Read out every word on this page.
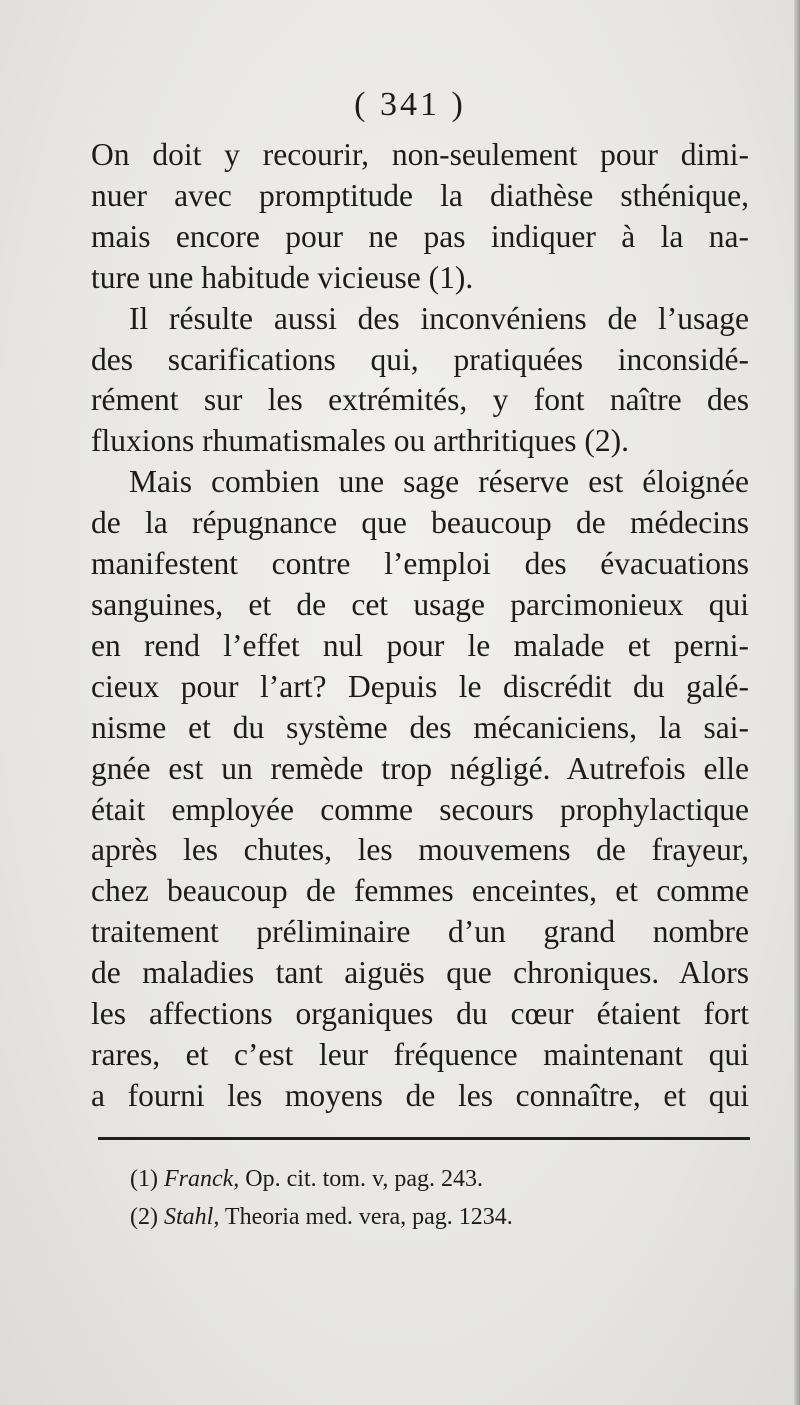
( 341 )
On doit y recourir, non-seulement pour dimi-
nuer avec promptitude la diathèse sthénique,
mais encore pour ne pas indiquer à la na-
ture une habitude vicieuse (1).
Il résulte aussi des inconvéniens de l’usage
des scarifications qui, pratiquées inconsidé-
rément sur les extrémités, y font naître des
fluxions rhumatismales ou arthritiques (2).
Mais combien une sage réserve est éloignée
de la répugnance que beaucoup de médecins
manifestent contre l’emploi des évacuations
sanguines, et de cet usage parcimonieux qui
en rend l’effet nul pour le malade et perni-
cieux pour l’art? Depuis le discrédit du galé-
nisme et du système des mécaniciens, la sai-
gnée est un remède trop négligé. Autrefois elle
était employée comme secours prophylactique
après les chutes, les mouvemens de frayeur,
chez beaucoup de femmes enceintes, et comme
traitement préliminaire d’un grand nombre
de maladies tant aiguës que chroniques. Alors
les affections organiques du cœur étaient fort
rares, et c’est leur fréquence maintenant qui
a fourni les moyens de les connaître, et qui
(1) Franck, Op. cit. tom. v, pag. 243.
(2) Stahl, Theoria med. vera, pag. 1234.
